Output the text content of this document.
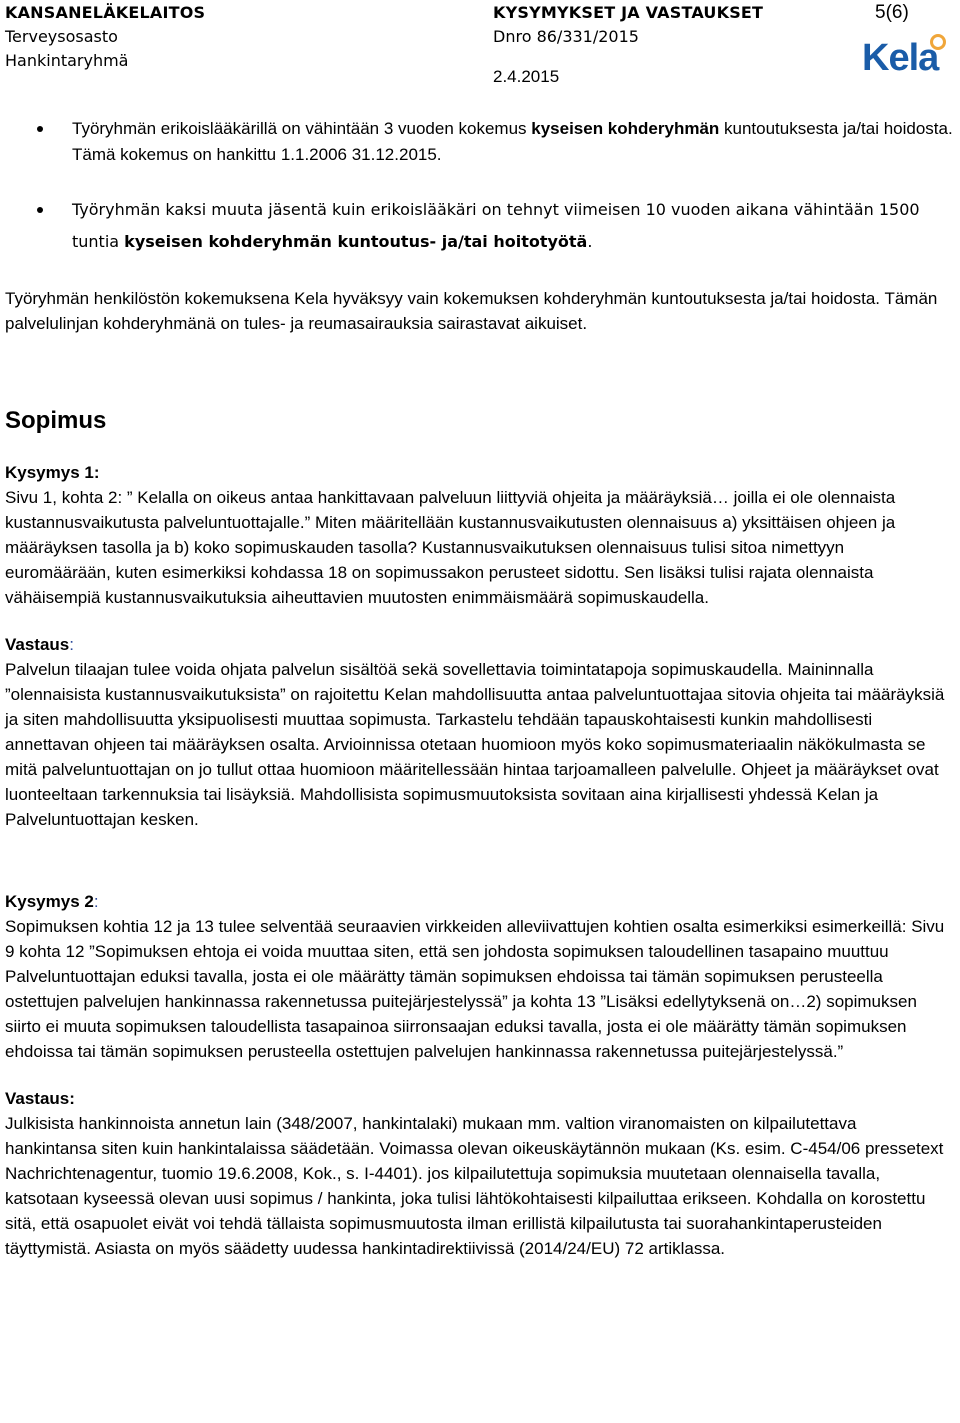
KANSANELÄKELAITOS
Terveysosasto
Hankintaryhmä
KYSYMYKSET JA VASTAUKSET
Dnro 86/331/2015
2.4.2015
5(6)
Kela
Työryhmän erikoislääkärillä on vähintään 3 vuoden kokemus kyseisen kohderyhmän kuntoutuksesta ja/tai hoidosta. Tämä kokemus on hankittu 1.1.2006 31.12.2015.
Työryhmän kaksi muuta jäsentä kuin erikoislääkäri on tehnyt viimeisen 10 vuoden aikana vähintään 1500 tuntia kyseisen kohderyhmän kuntoutus- ja/tai hoitotyötä.

Työryhmän henkilöstön kokemuksena Kela hyväksyy vain kokemuksen kohderyhmän kuntoutuksesta ja/tai hoidosta. Tämän palvelulinjan kohderyhmänä on tules- ja reumasairauksia sairastavat aikuiset.

Sopimus

Kysymys 1:

Sivu 1, kohta 2: ” Kelalla on oikeus antaa hankittavaan palveluun liittyviä ohjeita ja määräyksiä… joilla ei ole olennaista kustannusvaikutusta palveluntuottajalle.” Miten määritellään kustannusvaikutusten olennaisuus a) yksittäisen ohjeen ja määräyksen tasolla ja b) koko sopimuskauden tasolla? Kustannusvaikutuksen olennaisuus tulisi sitoa nimettyyn euromäärään, kuten esimerkiksi kohdassa 18 on sopimussakon perusteet sidottu. Sen lisäksi tulisi rajata olennaista vähäisempiä kustannusvaikutuksia aiheuttavien muutosten enimmäismäärä sopimuskaudella.

Vastaus:

Palvelun tilaajan tulee voida ohjata palvelun sisältöä sekä sovellettavia toimintatapoja sopimuskaudella. Maininnalla ”olennaisista kustannusvaikutuksista” on rajoitettu Kelan mahdollisuutta antaa palveluntuottajaa sitovia ohjeita tai määräyksiä ja siten mahdollisuutta yksipuolisesti muuttaa sopimusta. Tarkastelu tehdään tapauskohtaisesti kunkin mahdollisesti annettavan ohjeen tai määräyksen osalta. Arvioinnissa otetaan huomioon myös koko sopimusmateriaalin näkökulmasta se mitä palveluntuottajan on jo tullut ottaa huomioon määritellessään hintaa tarjoamalleen palvelulle. Ohjeet ja määräykset ovat luonteeltaan tarkennuksia tai lisäyksiä. Mahdollisista sopimusmuutoksista sovitaan aina kirjallisesti yhdessä Kelan ja Palveluntuottajan kesken.

Kysymys 2:

Sopimuksen kohtia 12 ja 13 tulee selventää seuraavien virkkeiden alleviivattujen kohtien osalta esimerkiksi esimerkeillä: Sivu 9 kohta 12 ”Sopimuksen ehtoja ei voida muuttaa siten, että sen johdosta sopimuksen taloudellinen tasapaino muuttuu Palveluntuottajan eduksi tavalla, josta ei ole määrätty tämän sopimuksen ehdoissa tai tämän sopimuksen perusteella ostettujen palvelujen hankinnassa rakennetussa puitejärjestelyssä” ja kohta 13 ”Lisäksi edellytyksenä on…2) sopimuksen siirto ei muuta sopimuksen taloudellista tasapainoa siirronsaajan eduksi tavalla, josta ei ole määrätty tämän sopimuksen ehdoissa tai tämän sopimuksen perusteella ostettujen palvelujen hankinnassa rakennetussa puitejärjestelyssä.”

Vastaus:

Julkisista hankinnoista annetun lain (348/2007, hankintalaki) mukaan mm. valtion viranomaisten on kilpailutettava hankintansa siten kuin hankintalaissa säädetään. Voimassa olevan oikeuskäytännön mukaan (Ks. esim. C-454/06 pressetext Nachrichtenagentur, tuomio 19.6.2008, Kok., s. I-4401). jos kilpailutettuja sopimuksia muutetaan olennaisella tavalla, katsotaan kyseessä olevan uusi sopimus / hankinta, joka tulisi lähtökohtaisesti kilpailuttaa erikseen. Kohdalla on korostettu sitä, että osapuolet eivät voi tehdä tällaista sopimusmuutosta ilman erillistä kilpailutusta tai suorahankintaperusteiden täyttymistä. Asiasta on myös säädetty uudessa hankintadirektiivissä (2014/24/EU) 72 artiklassa.
